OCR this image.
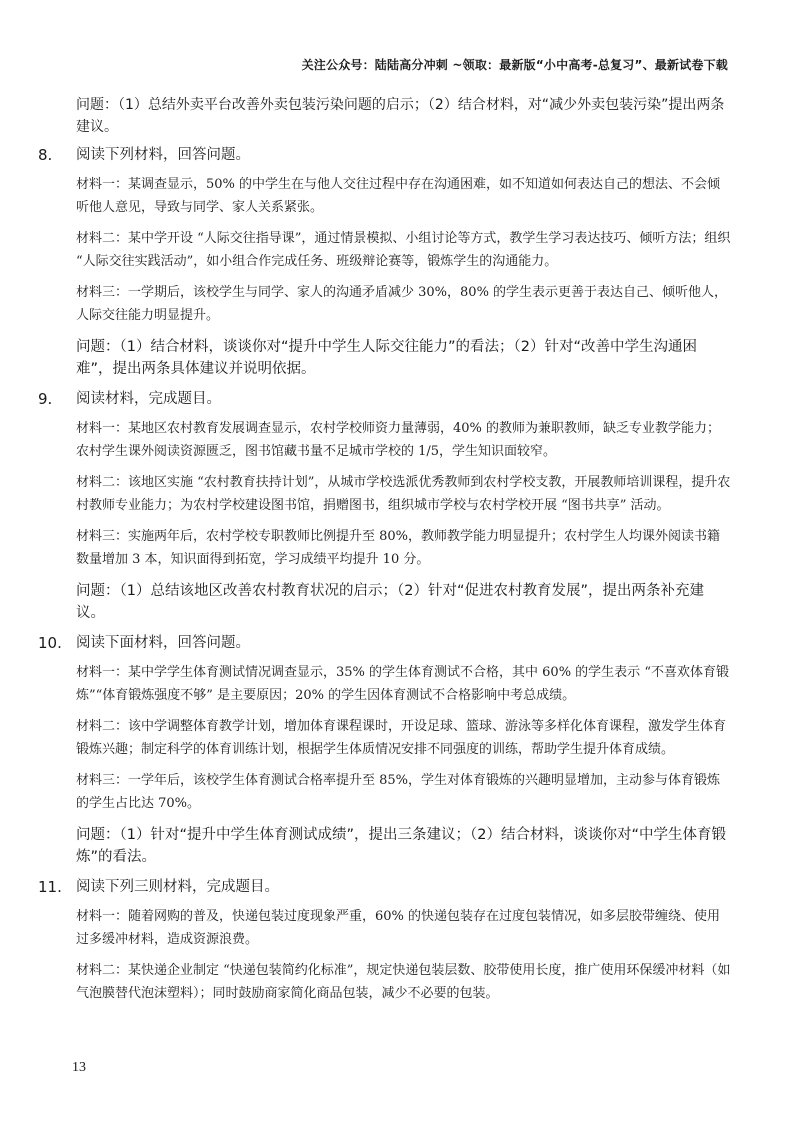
关注公众号：陆陆高分冲刺 ~领取：最新版“小中高考-总复习”、最新试卷下载
问题：（1）总结外卖平台改善外卖包装污染问题的启示；（2）结合材料，对“减少外卖包装污染”提出两条建议。
8. 阅读下列材料，回答问题。
材料一：某调查显示，50% 的中学生在与他人交往过程中存在沟通困难，如不知道如何表达自己的想法、不会倾听他人意见，导致与同学、家人关系紧张。
材料二：某中学开设 “人际交往指导课”，通过情景模拟、小组讨论等方式，教学生学习表达技巧、倾听方法；组织 “人际交往实践活动”，如小组合作完成任务、班级辩论赛等，锻炼学生的沟通能力。
材料三：一学期后，该校学生与同学、家人的沟通矛盾减少 30%，80% 的学生表示更善于表达自己、倾听他人，人际交往能力明显提升。
问题：（1）结合材料，谈谈你对“提升中学生人际交往能力”的看法；（2）针对“改善中学生沟通困难”，提出两条具体建议并说明依据。
9. 阅读材料，完成题目。
材料一：某地区农村教育发展调查显示，农村学校师资力量薄弱，40% 的教师为兼职教师，缺乏专业教学能力；农村学生课外阅读资源匮乏，图书馆藏书量不足城市学校的 1/5，学生知识面较窄。
材料二：该地区实施 “农村教育扶持计划”，从城市学校选派优秀教师到农村学校支教，开展教师培训课程，提升农村教师专业能力；为农村学校建设图书馆，捐赠图书，组织城市学校与农村学校开展 “图书共享” 活动。
材料三：实施两年后，农村学校专职教师比例提升至 80%，教师教学能力明显提升；农村学生人均课外阅读书籍数量增加 3 本，知识面得到拓宽，学习成绩平均提升 10 分。
问题：（1）总结该地区改善农村教育状况的启示；（2）针对“促进农村教育发展”，提出两条补充建议。
10. 阅读下面材料，回答问题。
材料一：某中学学生体育测试情况调查显示，35% 的学生体育测试不合格，其中 60% 的学生表示 “不喜欢体育锻炼”“体育锻炼强度不够” 是主要原因；20% 的学生因体育测试不合格影响中考总成绩。
材料二：该中学调整体育教学计划，增加体育课程课时，开设足球、篮球、游泳等多样化体育课程，激发学生体育锻炼兴趣；制定科学的体育训练计划，根据学生体质情况安排不同强度的训练，帮助学生提升体育成绩。
材料三：一学年后，该校学生体育测试合格率提升至 85%，学生对体育锻炼的兴趣明显增加，主动参与体育锻炼的学生占比达 70%。
问题：（1）针对“提升中学生体育测试成绩”，提出三条建议；（2）结合材料，谈谈你对“中学生体育锻炼”的看法。
11. 阅读下列三则材料，完成题目。
材料一：随着网购的普及，快递包装过度现象严重，60% 的快递包装存在过度包装情况，如多层胶带缠绕、使用过多缓冲材料，造成资源浪费。
材料二：某快递企业制定 “快递包装简约化标准”，规定快递包装层数、胶带使用长度，推广使用环保缓冲材料（如气泡膜替代泡沫塑料）；同时鼓励商家简化商品包装，减少不必要的包装。
13
